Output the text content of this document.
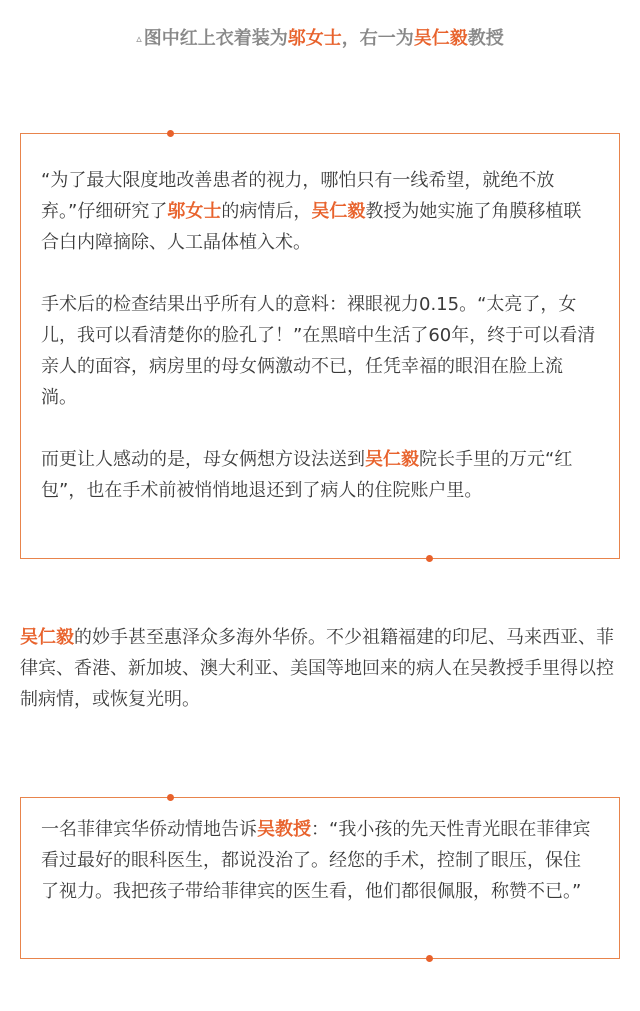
▵ 图中红上衣着装为邬女士，右一为吴仁毅教授

“为了最大限度地改善患者的视力，哪怕只有一线希望，就绝不放弃。”仔细研究了邬女士的病情后，吴仁毅教授为她实施了角膜移植联合白内障摘除、人工晶体植入术。

手术后的检查结果出乎所有人的意料：裸眼视力0.15。“太亮了，女儿，我可以看清楚你的脸孔了！”在黑暗中生活了60年，终于可以看清亲人的面容，病房里的母女俩激动不已，任凭幸福的眼泪在脸上流淌。

而更让人感动的是，母女俩想方设法送到吴仁毅院长手里的万元“红包”，也在手术前被悄悄地退还到了病人的住院账户里。

吴仁毅的妙手甚至惠泽众多海外华侨。不少祖籍福建的印尼、马来西亚、菲律宾、香港、新加坡、澳大利亚、美国等地回来的病人在吴教授手里得以控制病情，或恢复光明。

一名菲律宾华侨动情地告诉吴教授：“我小孩的先天性青光眼在菲律宾看过最好的眼科医生，都说没治了。经您的手术，控制了眼压，保住了视力。我把孩子带给菲律宾的医生看，他们都很佩服，称赞不已。”
